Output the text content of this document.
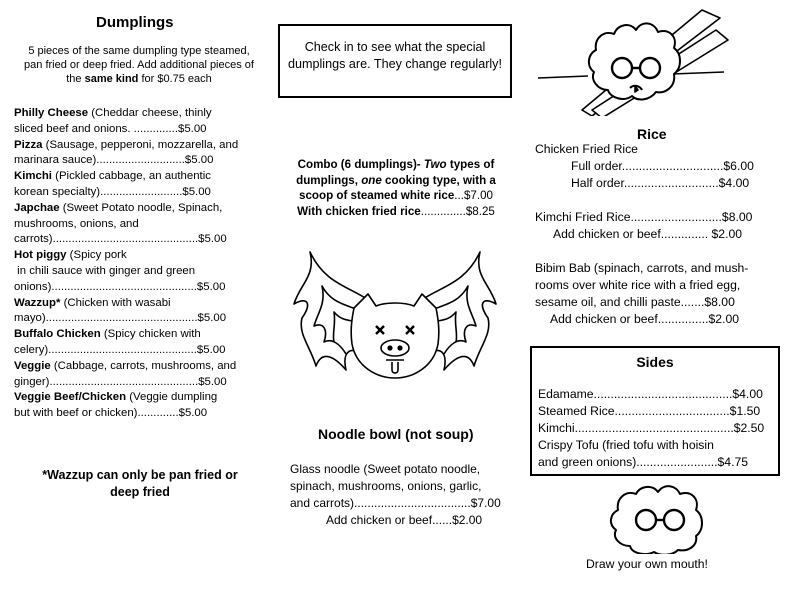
Dumplings
5 pieces of the same dumpling type steamed,
pan fried or deep fried. Add additional pieces of
the same kind for $0.75 each
Philly Cheese (Cheddar cheese, thinly
sliced beef and onions. ..............$5.00
Pizza (Sausage, pepperoni, mozzarella, and
marinara sauce)............................$5.00
Kimchi (Pickled cabbage, an authentic
korean specialty)..........................$5.00
Japchae (Sweet Potato noodle, Spinach,
mushrooms, onions, and
carrots)..............................................$5.00
Hot piggy (Spicy pork
in chili sauce with ginger and green
onions)..............................................$5.00
Wazzup* (Chicken with wasabi
mayo)................................................$5.00
Buffalo Chicken (Spicy chicken with
celery)...............................................$5.00
Veggie (Cabbage, carrots, mushrooms, and
ginger)...............................................$5.00
Veggie Beef/Chicken (Veggie dumpling
but with beef or chicken).............$5.00
*Wazzup can only be pan fried or
deep fried
Check in to see what the special
dumplings are. They change regularly!
Combo (6 dumplings)- Two types of
dumplings, one cooking type, with a
scoop of steamed white rice...$7.00
With chicken fried rice..............$8.25
Noodle bowl (not soup)
Glass noodle (Sweet potato noodle,
spinach, mushrooms, onions, garlic,
and carrots)...................................$7.00
Add chicken or beef......$2.00
Rice
Chicken Fried Rice
Full order..............................$6.00
Half order............................$4.00
Kimchi Fried Rice...........................$8.00
Add chicken or beef.............. $2.00
Bibim Bab (spinach, carrots, and mush-
rooms over white rice with a fried egg,
sesame oil, and chilli paste.......$8.00
Add chicken or beef...............$2.00
Sides
Edamame.........................................$4.00
Steamed Rice..................................$1.50
Kimchi...............................................$2.50
Crispy Tofu (fried tofu with hoisin
and green onions)........................$4.75
Draw your own mouth!
